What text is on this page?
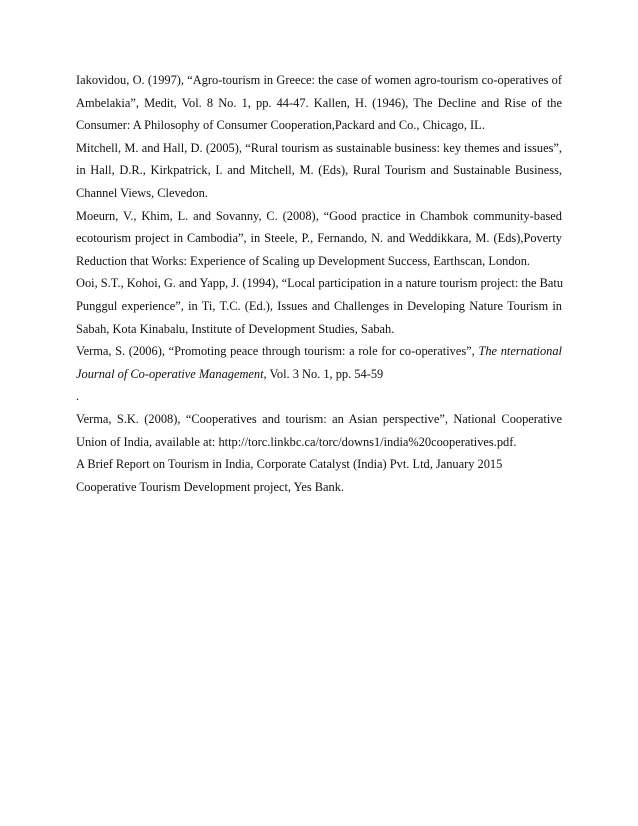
Iakovidou, O. (1997), “Agro-tourism in Greece: the case of women agro-tourism co-operatives of
Ambelakia”, Medit, Vol. 8 No. 1, pp. 44-47. Kallen, H. (1946), The Decline and Rise of the
Consumer: A Philosophy of Consumer Cooperation,Packard and Co., Chicago, IL.
Mitchell, M. and Hall, D. (2005), “Rural tourism as sustainable business: key themes and issues”,
in Hall, D.R., Kirkpatrick, I. and Mitchell, M. (Eds), Rural Tourism and Sustainable Business,
Channel Views, Clevedon.
Moeurn, V., Khim, L. and Sovanny, C. (2008), “Good practice in Chambok community-based
ecotourism project in Cambodia”, in Steele, P., Fernando, N. and Weddikkara, M. (Eds),Poverty
Reduction that Works: Experience of Scaling up Development Success, Earthscan, London.
Ooi, S.T., Kohoi, G. and Yapp, J. (1994), “Local participation in a nature tourism project: the Batu
Punggul experience”, in Ti, T.C. (Ed.), Issues and Challenges in Developing Nature Tourism in
Sabah, Kota Kinabalu, Institute of Development Studies, Sabah.
Verma, S. (2006), “Promoting peace through tourism: a role for co-operatives”, The nternational
Journal of Co-operative Management, Vol. 3 No. 1, pp. 54-59
.
Verma, S.K. (2008), “Cooperatives and tourism: an Asian perspective”, National Cooperative
Union of India, available at: http://torc.linkbc.ca/torc/downs1/india%20cooperatives.pdf.
A Brief Report on Tourism in India, Corporate Catalyst (India) Pvt. Ltd, January 2015
Cooperative Tourism Development project, Yes Bank.
